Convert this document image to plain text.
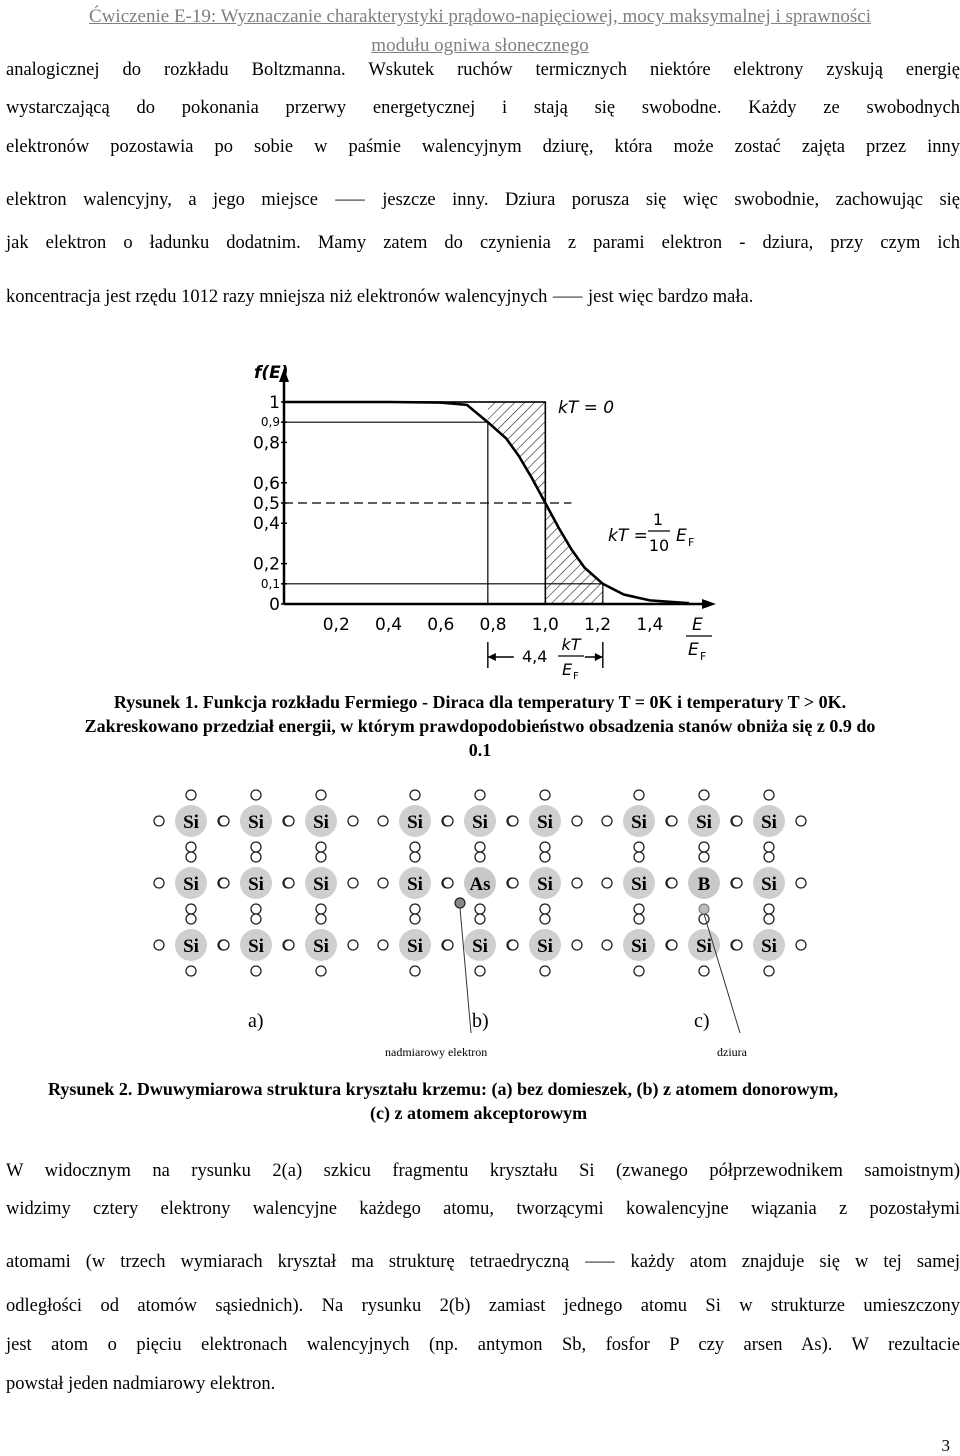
Ćwiczenie E-19: Wyznaczanie charakterystyki prądowo-napięciowej, mocy maksymalnej i sprawności
modułu ogniwa słonecznego
analogicznej do rozkładu Boltzmanna. Wskutek ruchów termicznych niektóre elektrony zyskują energię
wystarczającą do pokonania przerwy energetycznej i stają się swobodne. Każdy ze swobodnych
elektronów pozostawia po sobie w paśmie walencyjnym dziurę, która może zostać zajęta przez inny
elektron walencyjny, a jego miejsce ⸺ jeszcze inny. Dziura porusza się więc swobodnie, zachowując się
jak elektron o ładunku dodatnim. Mamy zatem do czynienia z parami elektron - dziura, przy czym ich
koncentracja jest rzędu 1012 razy mniejsza niż elektronów walencyjnych ⸺ jest więc bardzo mała.
f(E)
1
0,9
0,8
0,6
0,5
0,4
0,2
0,1
0
0,2 0,4 0,6 0,8 1,0 1,2 1,4
kT = 0
kT =
1
10 E F
E
E F
4,4
kT
E F
Rysunek 1. Funkcja rozkładu Fermiego - Diraca dla temperatury T = 0K i temperatury T > 0K.
Zakreskowano przedział energii, w którym prawdopodobieństwo obsadzenia stanów obniża się z 0.9 do
0.1
Si	Si	Si
Si	Si	Si
Si	Si	Si
Si	Si	Si
Si As Si
Si	Si	Si
Si	Si	Si
Si	B	Si
Si	Si	Si
a)	b)	c)
nadmiarowy elektron	dziura
Rysunek 2. Dwuwymiarowa struktura kryształu krzemu: (a) bez domieszek, (b) z atomem donorowym,
(c) z atomem akceptorowym
W widocznym na rysunku 2(a) szkicu fragmentu kryształu Si (zwanego półprzewodnikem samoistnym)
widzimy cztery elektrony walencyjne każdego atomu, tworzącymi kowalencyjne wiązania z pozostałymi
atomami (w trzech wymiarach kryształ ma strukturę tetraedryczną ⸺ każdy atom znajduje się w tej samej
odległości od atomów sąsiednich). Na rysunku 2(b) zamiast jednego atomu Si w strukturze umieszczony
jest atom o pięciu elektronach walencyjnych (np. antymon Sb, fosfor P czy arsen As). W rezultacie
powstał jeden nadmiarowy elektron.
3
